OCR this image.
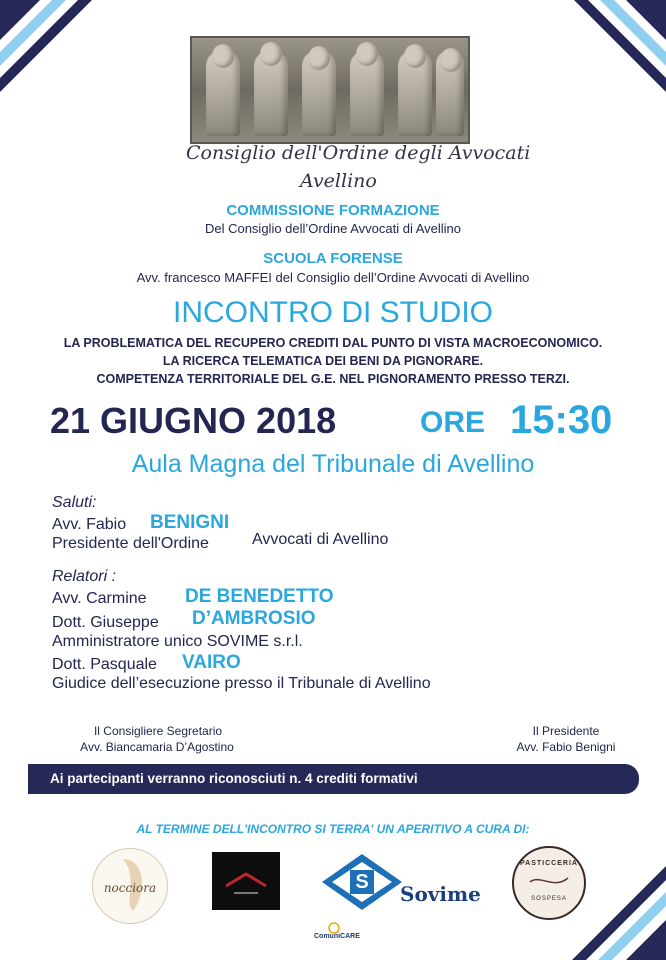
Consiglio dell'Ordine degli Avvocati
Avellino
COMMISSIONE FORMAZIONE
Del Consiglio dell’Ordine Avvocati di Avellino
SCUOLA FORENSE
Avv. francesco MAFFEI del Consiglio dell’Ordine Avvocati di Avellino
INCONTRO DI STUDIO
LA PROBLEMATICA DEL RECUPERO CREDITI DAL PUNTO DI VISTA MACROECONOMICO.
LA RICERCA TELEMATICA DEI BENI DA PIGNORARE.
COMPETENZA TERRITORIALE DEL G.E. NEL PIGNORAMENTO PRESSO TERZI.
21 GIUGNO 2018	ORE 15:30
Aula Magna del Tribunale di Avellino
Saluti:
Avv. Fabio BENIGNI
Presidente dell'Ordine	Avvocati di Avellino
Relatori :
Avv. Carmine DE BENEDETTO
Dott. Giuseppe D’AMBROSIO
Amministratore unico SOVIME s.r.l.
Dott. Pasquale VAIRO
Giudice dell’esecuzione presso il Tribunale di Avellino
Il Consigliere Segretario
Avv. Biancamaria D’Agostino
Il Presidente
Avv. Fabio Benigni
Ai partecipanti verranno riconosciuti n. 4 crediti formativi
AL TERMINE DELL'INCONTRO SI TERRA' UN APERITIVO A CURA DI:
nocciora	S Sovime
PASTICCERIA
SOSPESA
ComuniCARE
